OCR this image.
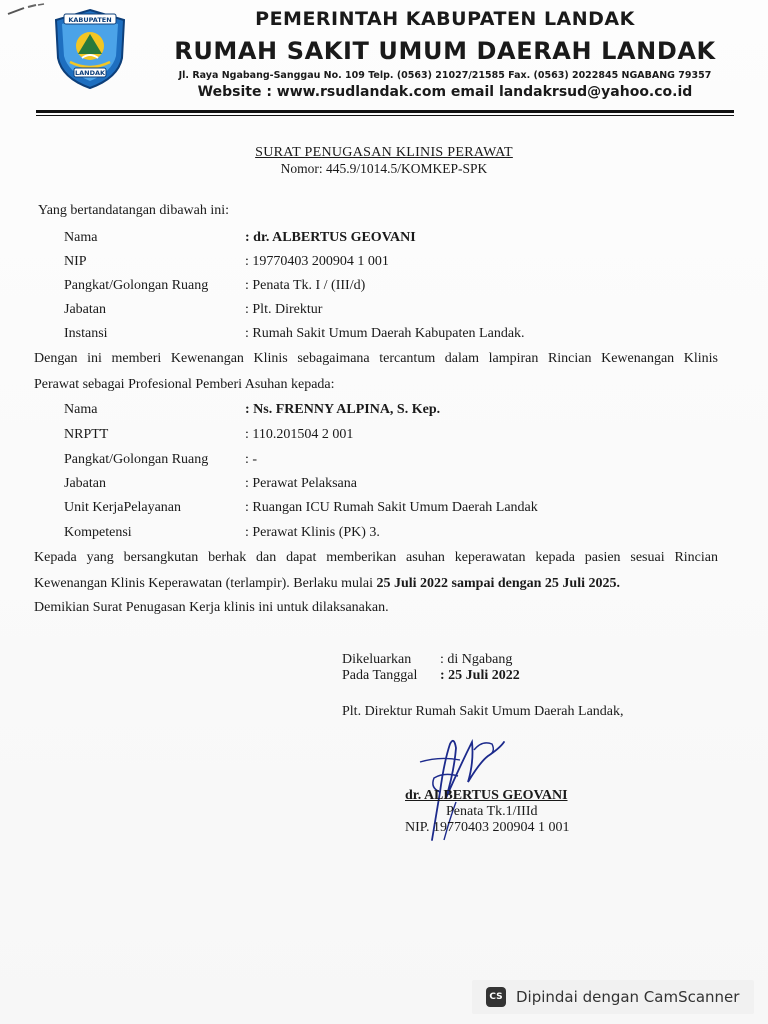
KABUPATEN
LANDAK
PEMERINTAH KABUPATEN LANDAK
RUMAH SAKIT UMUM DAERAH LANDAK
Jl. Raya Ngabang-Sanggau No. 109 Telp. (0563) 21027/21585 Fax. (0563) 2022845 NGABANG 79357
Website : www.rsudlandak.com email landakrsud@yahoo.co.id
SURAT PENUGASAN KLINIS PERAWAT
Nomor: 445.9/1014.5/KOMKEP-SPK
Yang bertandatangan dibawah ini:
Nama	: dr. ALBERTUS GEOVANI
NIP	: 19770403 200904 1 001
Pangkat/Golongan Ruang	: Penata Tk. I / (III/d)
Jabatan	: Plt. Direktur
Instansi	: Rumah Sakit Umum Daerah Kabupaten Landak.
Dengan ini memberi Kewenangan Klinis sebagaimana tercantum dalam lampiran Rincian Kewenangan Klinis
Perawat sebagai Profesional Pemberi Asuhan kepada:
Nama	: Ns. FRENNY ALPINA, S. Kep.
NRPTT	: 110.201504 2 001
Pangkat/Golongan Ruang	: -
Jabatan	: Perawat Pelaksana
Unit KerjaPelayanan	: Ruangan ICU Rumah Sakit Umum Daerah Landak
Kompetensi	: Perawat Klinis (PK) 3.
Kepada yang bersangkutan berhak dan dapat memberikan asuhan keperawatan kepada pasien sesuai Rincian
Kewenangan Klinis Keperawatan (terlampir). Berlaku mulai 25 Juli 2022 sampai dengan 25 Juli 2025.
Demikian Surat Penugasan Kerja klinis ini untuk dilaksanakan.
Dikeluarkan : di Ngabang
Pada Tanggal : 25 Juli 2022
Plt. Direktur Rumah Sakit Umum Daerah Landak,
dr. ALBERTUS GEOVANI
Penata Tk.1/IIId
NIP. 19770403 200904 1 001
CS Dipindai dengan CamScanner
